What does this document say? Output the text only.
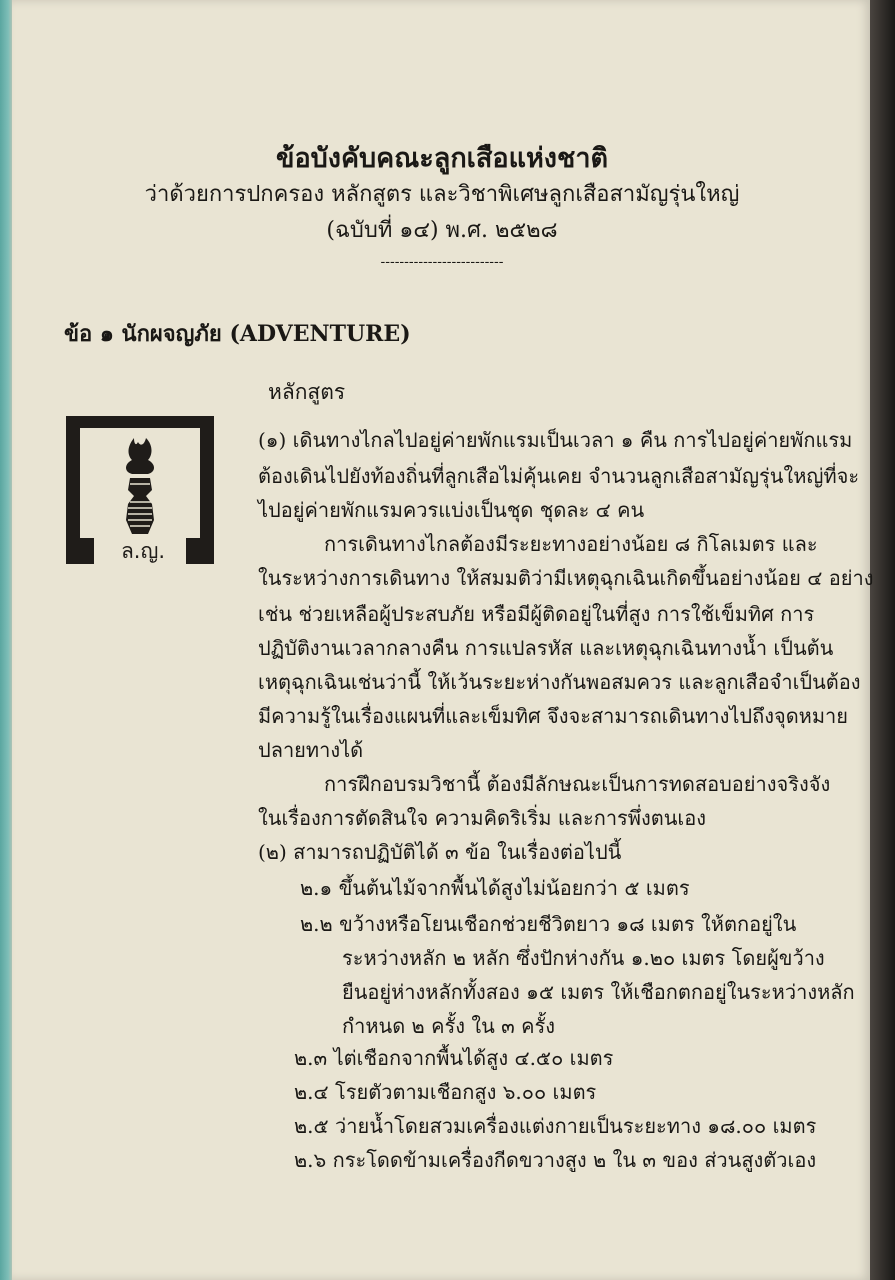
ข้อบังคับคณะลูกเสือแห่งชาติ
ว่าด้วยการปกครอง หลักสูตร และวิชาพิเศษลูกเสือสามัญรุ่นใหญ่
(ฉบับที่ ๑๔) พ.ศ. ๒๕๒๘
--------------------------
ข้อ ๑ นักผจญภัย (ADVENTURE)
ล.ญ.
หลักสูตร
(๑) เดินทางไกลไปอยู่ค่ายพักแรมเป็นเวลา ๑ คืน การไปอยู่ค่ายพักแรม
ต้องเดินไปยังท้องถิ่นที่ลูกเสือไม่คุ้นเคย จำนวนลูกเสือสามัญรุ่นใหญ่ที่จะ
ไปอยู่ค่ายพักแรมควรแบ่งเป็นชุด ชุดละ ๔ คน
การเดินทางไกลต้องมีระยะทางอย่างน้อย ๘ กิโลเมตร และ
ในระหว่างการเดินทาง ให้สมมติว่ามีเหตุฉุกเฉินเกิดขึ้นอย่างน้อย ๔ อย่าง
เช่น ช่วยเหลือผู้ประสบภัย หรือมีผู้ติดอยู่ในที่สูง การใช้เข็มทิศ การ
ปฏิบัติงานเวลากลางคืน การแปลรหัส และเหตุฉุกเฉินทางน้ำ เป็นต้น
เหตุฉุกเฉินเช่นว่านี้ ให้เว้นระยะห่างกันพอสมควร และลูกเสือจำเป็นต้อง
มีความรู้ในเรื่องแผนที่และเข็มทิศ จึงจะสามารถเดินทางไปถึงจุดหมาย
ปลายทางได้
การฝึกอบรมวิชานี้ ต้องมีลักษณะเป็นการทดสอบอย่างจริงจัง
ในเรื่องการตัดสินใจ ความคิดริเริ่ม และการพึ่งตนเอง
(๒) สามารถปฏิบัติได้ ๓ ข้อ ในเรื่องต่อไปนี้
๒.๑ ขึ้นต้นไม้จากพื้นได้สูงไม่น้อยกว่า ๕ เมตร
๒.๒ ขว้างหรือโยนเชือกช่วยชีวิตยาว ๑๘ เมตร ให้ตกอยู่ใน
ระหว่างหลัก ๒ หลัก ซึ่งปักห่างกัน ๑.๒๐ เมตร โดยผู้ขว้าง
ยืนอยู่ห่างหลักทั้งสอง ๑๕ เมตร ให้เชือกตกอยู่ในระหว่างหลัก
กำหนด ๒ ครั้ง ใน ๓ ครั้ง
๒.๓ ไต่เชือกจากพื้นได้สูง ๔.๕๐ เมตร
๒.๔ โรยตัวตามเชือกสูง ๖.๐๐ เมตร
๒.๕ ว่ายน้ำโดยสวมเครื่องแต่งกายเป็นระยะทาง ๑๘.๐๐ เมตร
๒.๖ กระโดดข้ามเครื่องกีดขวางสูง ๒ ใน ๓ ของ ส่วนสูงตัวเอง
